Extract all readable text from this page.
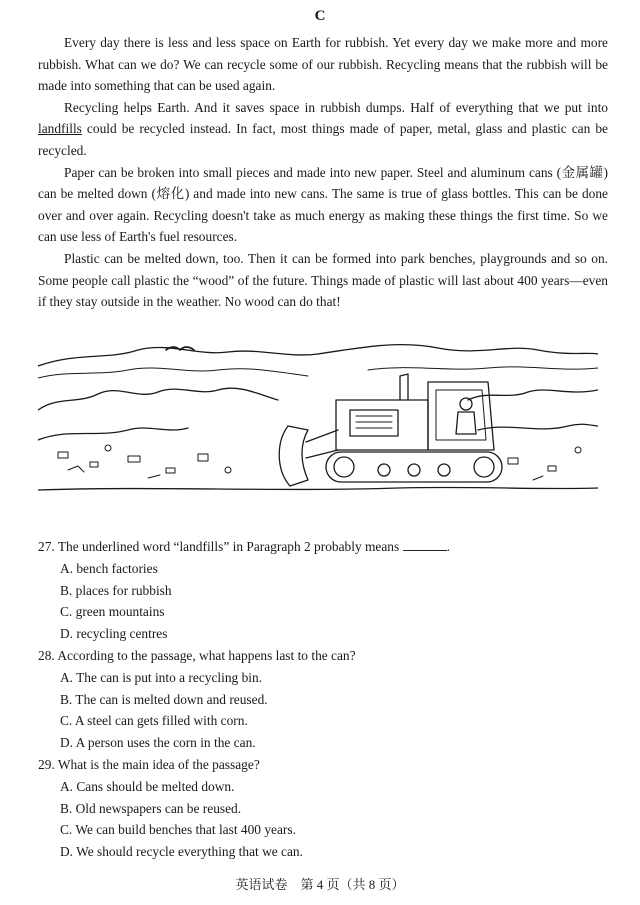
C

Every day there is less and less space on Earth for rubbish. Yet every day we make more and more rubbish. What can we do? We can recycle some of our rubbish. Recycling means that the rubbish will be made into something that can be used again.

Recycling helps Earth. And it saves space in rubbish dumps. Half of everything that we put into landfills could be recycled instead. In fact, most things made of paper, metal, glass and plastic can be recycled.

Paper can be broken into small pieces and made into new paper. Steel and aluminum cans (金属罐) can be melted down (熔化) and made into new cans. The same is true of glass bottles. This can be done over and over again. Recycling doesn't take as much energy as making these things the first time. So we can use less of Earth's fuel resources.

Plastic can be melted down, too. Then it can be formed into park benches, playgrounds and so on. Some people call plastic the “wood” of the future. Things made of plastic will last about 400 years—even if they stay outside in the weather. No wood can do that!

27. The underlined word “landfills” in Paragraph 2 probably means	.

A. bench factories

B. places for rubbish

C. green mountains

D. recycling centres

28. According to the passage, what happens last to the can?

A. The can is put into a recycling bin.

B. The can is melted down and reused.

C. A steel can gets filled with corn.

D. A person uses the corn in the can.

29. What is the main idea of the passage?

A. Cans should be melted down.

B. Old newspapers can be reused.

C. We can build benches that last 400 years.

D. We should recycle everything that we can.

英语试卷　第 4 页（共 8 页）
